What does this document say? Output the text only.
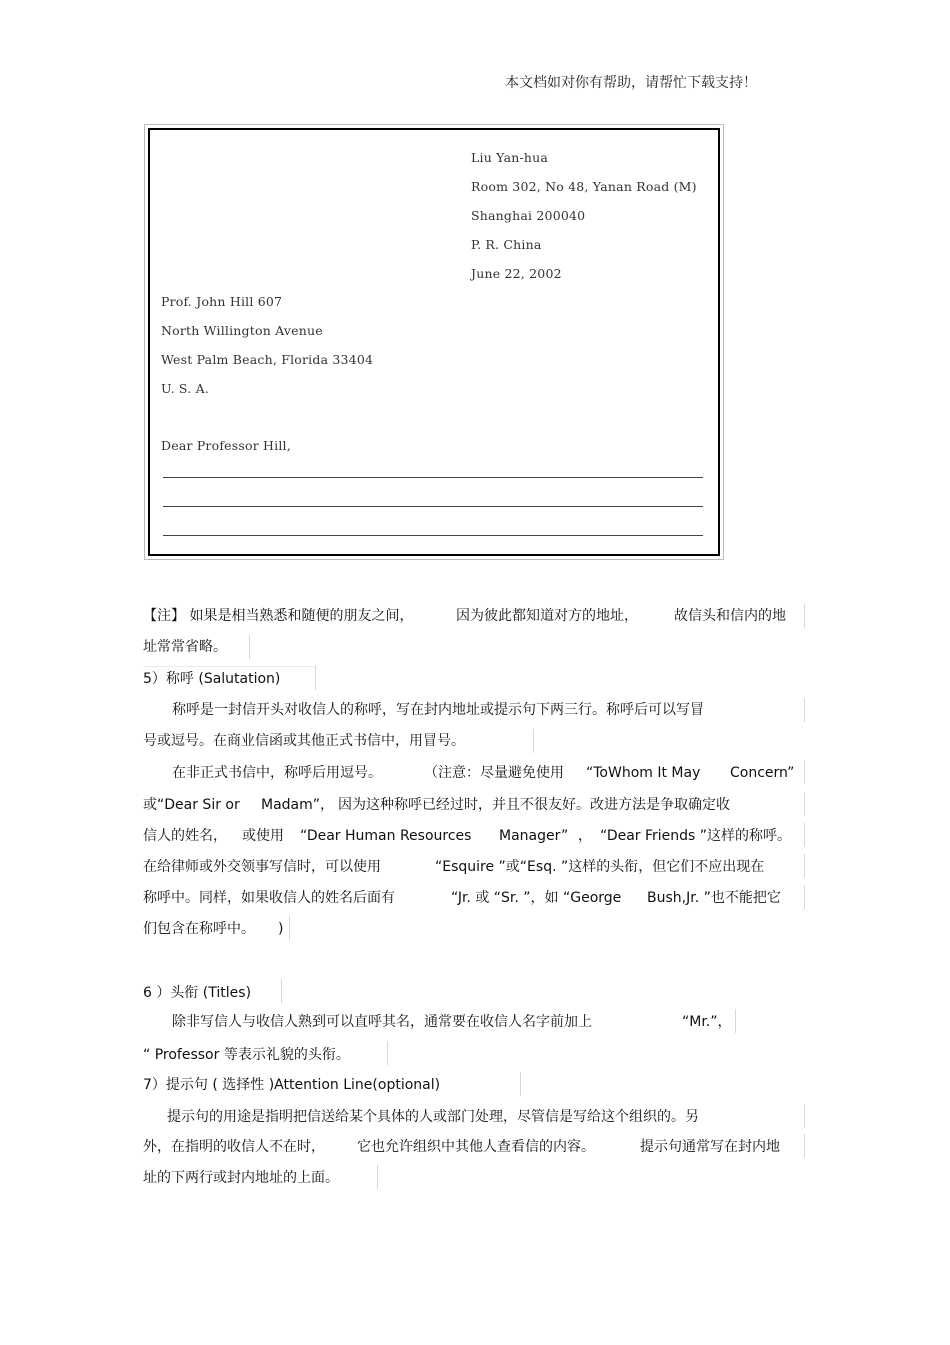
本文档如对你有帮助，请帮忙下载支持！
Liu Yan-hua
Room 302, No 48, Yanan Road (M)
Shanghai 200040
P. R. China
June 22, 2002
Prof. John Hill 607
North Willington Avenue
West Palm Beach, Florida 33404
U. S. A.
Dear Professor Hill,
【注】 如果是相当熟悉和随便的朋友之间，	因为彼此都知道对方的地址，	故信头和信内的地
址常常省略。
5）称呼 (Salutation)
称呼是一封信开头对收信人的称呼，写在封内地址或提示句下两三行。称呼后可以写冒
号或逗号。在商业信函或其他正式书信中，用冒号。
在非正式书信中，称呼后用逗号。	（注意：尽量避免使用 “ToWhom It May Concern”
或“Dear Sir or Madam”， 因为这种称呼已经过时，并且不很友好。改进方法是争取确定收
信人的姓名， 或使用 “Dear Human Resources Manager” ， “Dear Friends ”这样的称呼。
在给律师或外交领事写信时，可以使用	“Esquire ”或“Esq. ”这样的头衔，但它们不应出现在
称呼中。同样，如果收信人的姓名后面有	“Jr. 或 “Sr. ”，如 “George Bush,Jr. ”也不能把它
们包含在称呼中。 )
6 ）头衔 (Titles)
除非写信人与收信人熟到可以直呼其名，通常要在收信人名字前加上	“Mr.”，
“ Professor 等表示礼貌的头衔。
7）提示句 ( 选择性 )Attention Line(optional)
提示句的用途是指明把信送给某个具体的人或部门处理，尽管信是写给这个组织的。另
外，在指明的收信人不在时， 它也允许组织中其他人查看信的内容。	提示句通常写在封内地
址的下两行或封内地址的上面。
